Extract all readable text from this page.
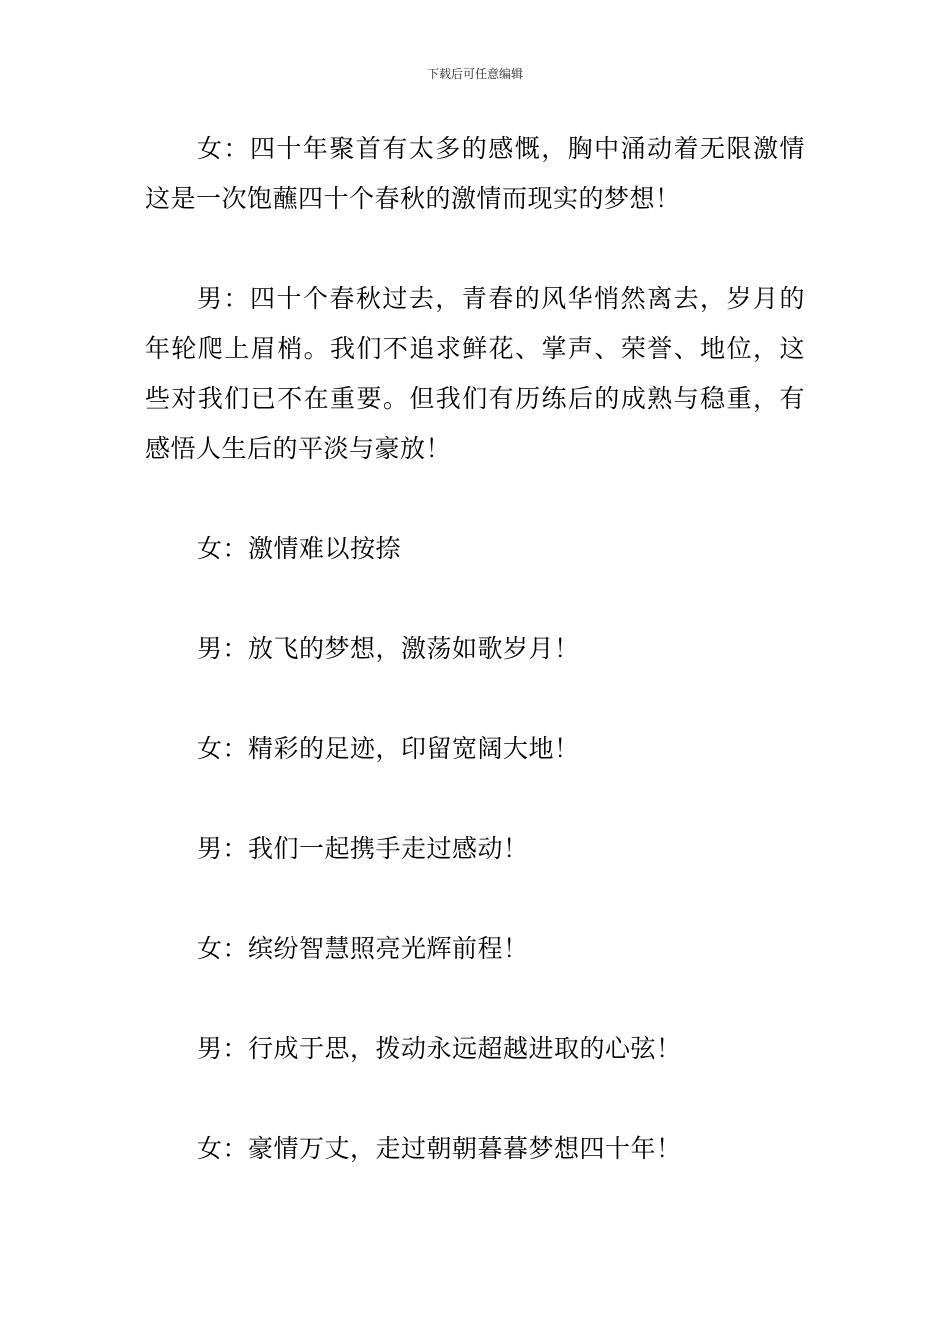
下载后可任意编辑

女：四十年聚首有太多的感慨，胸中涌动着无限激情这是一次饱蘸四十个春秋的激情而现实的梦想！

男：四十个春秋过去，青春的风华悄然离去，岁月的年轮爬上眉梢。我们不追求鲜花、掌声、荣誉、地位，这些对我们已不在重要。但我们有历练后的成熟与稳重，有感悟人生后的平淡与豪放！

女：激情难以按捺

男：放飞的梦想，激荡如歌岁月！

女：精彩的足迹，印留宽阔大地！

男：我们一起携手走过感动！

女：缤纷智慧照亮光辉前程！

男：行成于思，拨动永远超越进取的心弦！

女：豪情万丈，走过朝朝暮暮梦想四十年！
